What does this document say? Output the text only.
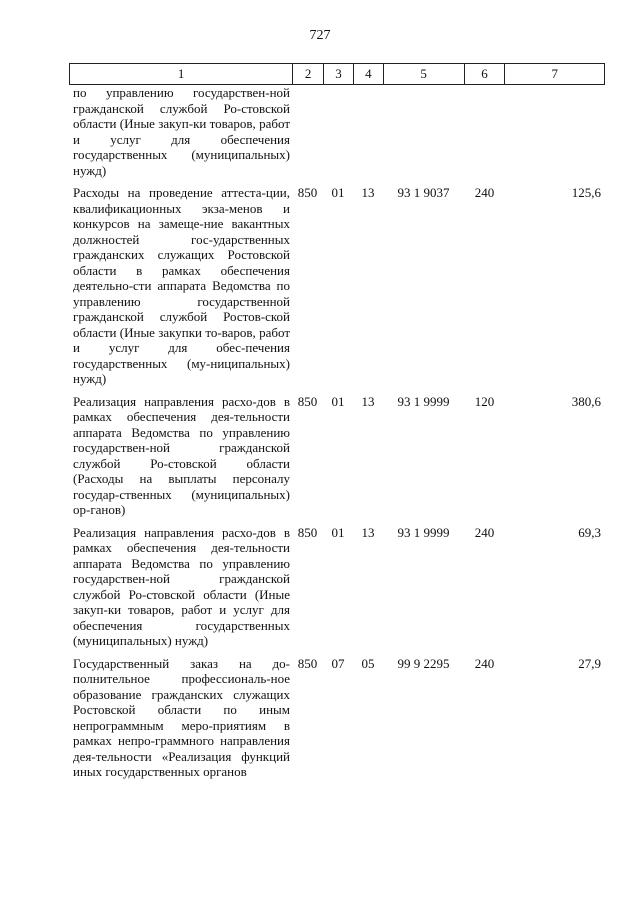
727
1	2	3	4	5	6	7
по управлению государствен-ной гражданской службой Ро-стовской области (Иные закуп-ки товаров, работ и услуг для обеспечения государственных (муниципальных) нужд)
Расходы на проведение аттеста-ции, квалификационных экза-менов и конкурсов на замеще-ние вакантных должностей гос-ударственных гражданских служащих Ростовской области в рамках обеспечения деятельно-сти аппарата Ведомства по управлению государственной гражданской службой Ростов-ской области (Иные закупки то-варов, работ и услуг для обес-печения государственных (му-ниципальных) нужд)
850	01	13	93 1 9037	240	125,6
Реализация направления расхо-дов в рамках обеспечения дея-тельности аппарата Ведомства по управлению государствен-ной гражданской службой Ро-стовской области (Расходы на выплаты персоналу государ-ственных (муниципальных) ор-ганов)
850	01	13	93 1 9999	120	380,6
Реализация направления расхо-дов в рамках обеспечения дея-тельности аппарата Ведомства по управлению государствен-ной гражданской службой Ро-стовской области (Иные закуп-ки товаров, работ и услуг для обеспечения государственных (муниципальных) нужд)
850	01	13	93 1 9999	240	69,3
Государственный заказ на до-полнительное профессиональ-ное образование гражданских служащих Ростовской области по иным непрограммным меро-приятиям в рамках непро-граммного направления дея-тельности «Реализация функций иных государственных органов
850	07	05	99 9 2295	240	27,9
